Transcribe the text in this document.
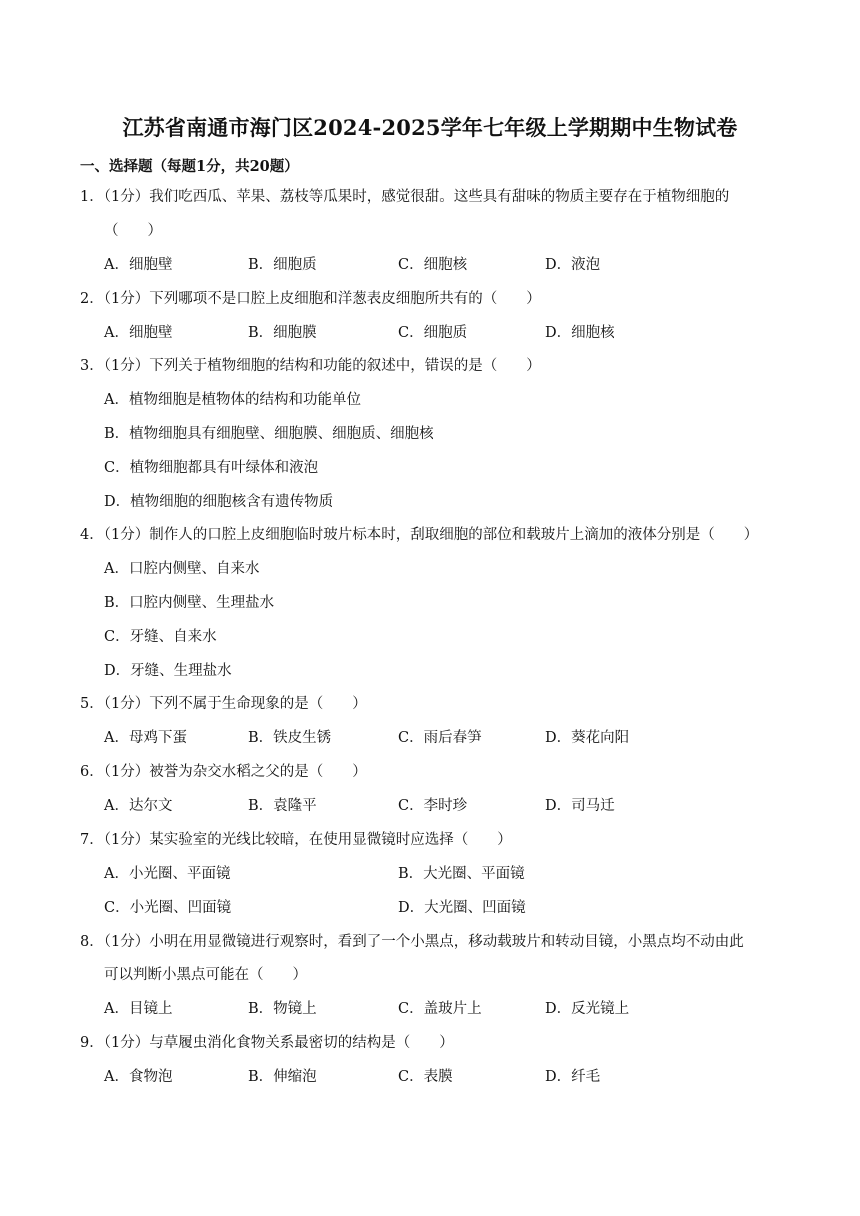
江苏省南通市海门区2024-2025学年七年级上学期期中生物试卷
一、选择题（每题1分，共20题）
1．（1分）我们吃西瓜、苹果、荔枝等瓜果时，感觉很甜。这些具有甜味的物质主要存在于植物细胞的
（　　）
A．细胞壁	B．细胞质	C．细胞核	D．液泡
2．（1分）下列哪项不是口腔上皮细胞和洋葱表皮细胞所共有的（　　）
A．细胞壁	B．细胞膜	C．细胞质	D．细胞核
3．（1分）下列关于植物细胞的结构和功能的叙述中，错误的是（　　）
A．植物细胞是植物体的结构和功能单位
B．植物细胞具有细胞壁、细胞膜、细胞质、细胞核
C．植物细胞都具有叶绿体和液泡
D．植物细胞的细胞核含有遗传物质
4．（1分）制作人的口腔上皮细胞临时玻片标本时，刮取细胞的部位和载玻片上滴加的液体分别是（　　）
A．口腔内侧壁、自来水
B．口腔内侧壁、生理盐水
C．牙缝、自来水
D．牙缝、生理盐水
5．（1分）下列不属于生命现象的是（　　）
A．母鸡下蛋	B．铁皮生锈	C．雨后春笋	D．葵花向阳
6．（1分）被誉为杂交水稻之父的是（　　）
A．达尔文	B．袁隆平	C．李时珍	D．司马迁
7．（1分）某实验室的光线比较暗，在使用显微镜时应选择（　　）
A．小光圈、平面镜	B．大光圈、平面镜
C．小光圈、凹面镜	D．大光圈、凹面镜
8．（1分）小明在用显微镜进行观察时，看到了一个小黑点，移动载玻片和转动目镜，小黑点均不动由此
可以判断小黑点可能在（　　）
A．目镜上	B．物镜上	C．盖玻片上	D．反光镜上
9．（1分）与草履虫消化食物关系最密切的结构是（　　）
A．食物泡	B．伸缩泡	C．表膜	D．纤毛
